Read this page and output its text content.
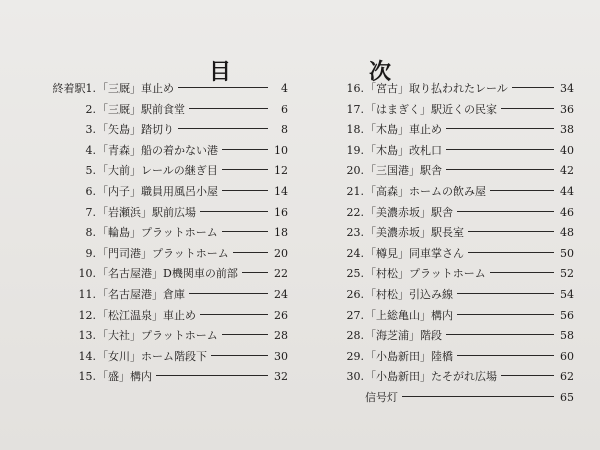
目　次
終着駅1. 「三厩」車止め	4
2. 「三厩」駅前食堂	6
3. 「矢島」踏切り	8
4. 「青森」船の着かない港	10
5. 「大前」レールの継ぎ目	12
6. 「内子」職員用風呂小屋	14
7. 「岩瀬浜」駅前広場	16
8. 「輪島」プラットホーム	18
9. 「門司港」プラットホーム	20
10. 「名古屋港」D機関車の前部	22
11. 「名古屋港」倉庫	24
12. 「松江温泉」車止め	26
13. 「大社」プラットホーム	28
14. 「女川」ホーム階段下	30
15. 「盛」構内	32
16. 「宮古」取り払われたレール	34
17. 「はまぎく」駅近くの民家	36
18. 「木島」車止め	38
19. 「木島」改札口	40
20. 「三国港」駅舎	42
21. 「高森」ホームの飲み屋	44
22. 「美濃赤坂」駅舎	46
23. 「美濃赤坂」駅長室	48
24. 「樽見」同車掌さん	50
25. 「村松」プラットホーム	52
26. 「村松」引込み線	54
27. 「上総亀山」構内	56
28. 「海芝浦」階段	58
29. 「小島新田」陸橋	60
30. 「小島新田」たそがれ広場	62
信号灯	65
